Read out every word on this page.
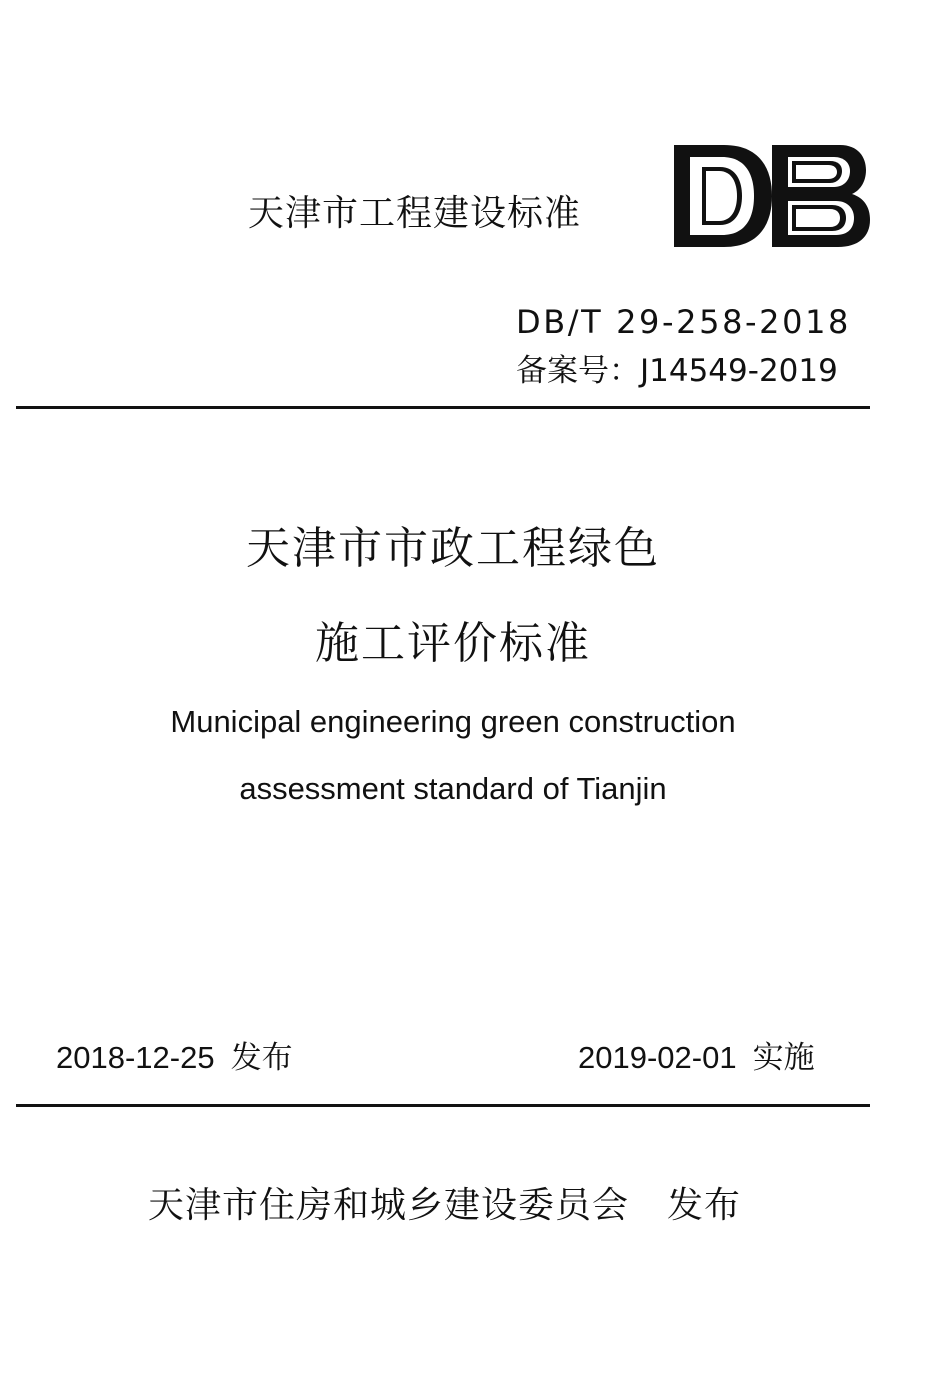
天津市工程建设标准
DB/T 29-258-2018
备案号：J14549-2019
天津市市政工程绿色
施工评价标准
Municipal engineering green construction
assessment standard of Tianjin
2018-12-25 发布	2019-02-01 实施
天津市住房和城乡建设委员会 发布
